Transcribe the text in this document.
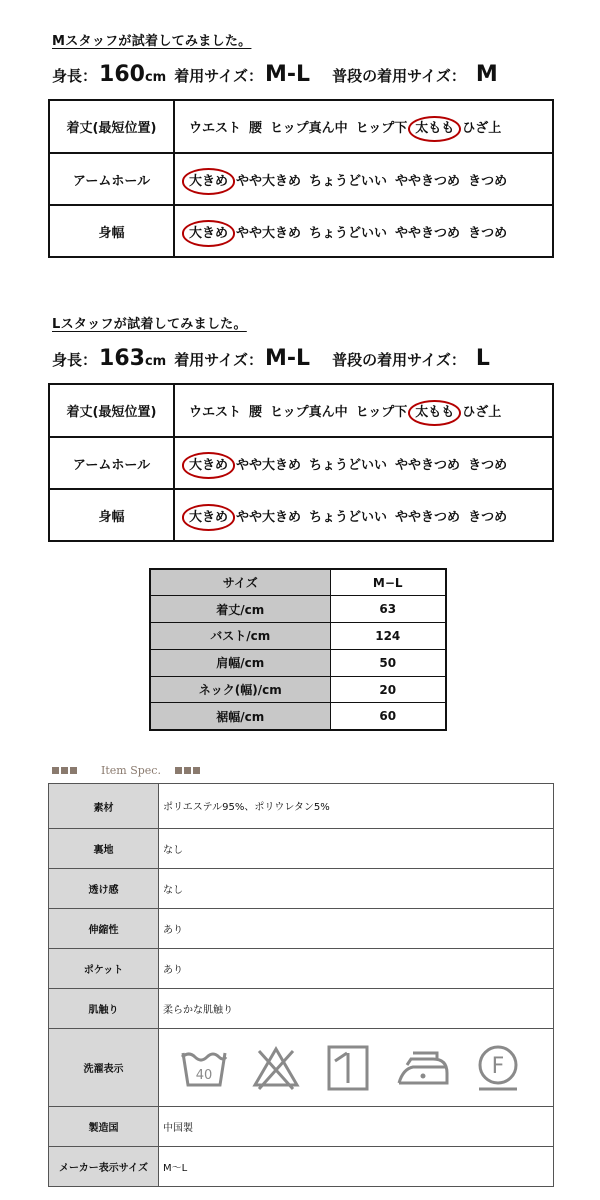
Mスタッフが試着してみました。
身長： 160 cm 着用サイズ： M-L 普段の着用サイズ： M
着丈(最短位置)	ウエスト 腰 ヒップ真ん中 ヒップ下 太もも ひざ上
アームホール	大きめ やや大きめ ちょうどいい ややきつめ きつめ
身幅	大きめ やや大きめ ちょうどいい ややきつめ きつめ
Lスタッフが試着してみました。
身長： 163 cm 着用サイズ： M-L 普段の着用サイズ： L
着丈(最短位置)	ウエスト 腰 ヒップ真ん中 ヒップ下 太もも ひざ上
アームホール	大きめ やや大きめ ちょうどいい ややきつめ きつめ
身幅	大きめ やや大きめ ちょうどいい ややきつめ きつめ
サイズ	M−L
着丈/cm	63
バスト/cm	124
肩幅/cm	50
ネック(幅)/cm	20
裾幅/cm	60
Item Spec.
素材	ポリエステル95%、ポリウレタン5%
裏地	なし
透け感	なし
伸縮性	あり
ポケット	あり
肌触り	柔らかな肌触り
洗濯表示	40 F

製造国	中国製
メーカー表示サイズ	M〜L
